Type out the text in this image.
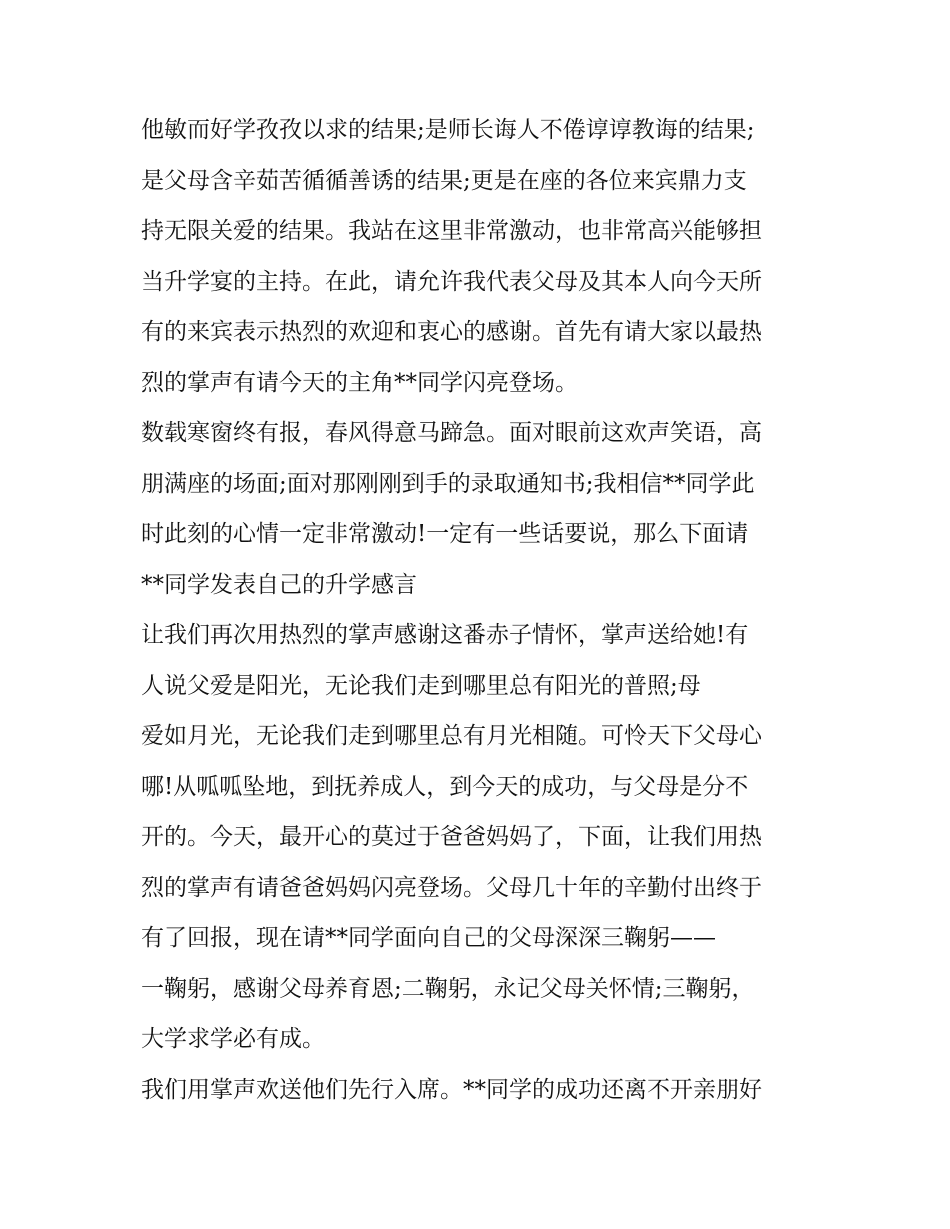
他敏而好学孜孜以求的结果;是师长诲人不倦谆谆教诲的结果;
是父母含辛茹苦循循善诱的结果;更是在座的各位来宾鼎力支
持无限关爱的结果。我站在这里非常激动，也非常高兴能够担
当升学宴的主持。在此，请允许我代表父母及其本人向今天所
有的来宾表示热烈的欢迎和衷心的感谢。首先有请大家以最热
烈的掌声有请今天的主角**同学闪亮登场。
数载寒窗终有报，春风得意马蹄急。面对眼前这欢声笑语，高
朋满座的场面;面对那刚刚到手的录取通知书;我相信**同学此
时此刻的心情一定非常激动!一定有一些话要说，那么下面请
**同学发表自己的升学感言
让我们再次用热烈的掌声感谢这番赤子情怀，掌声送给她!有
人说父爱是阳光，无论我们走到哪里总有阳光的普照;母
爱如月光，无论我们走到哪里总有月光相随。可怜天下父母心
哪!从呱呱坠地，到抚养成人，到今天的成功，与父母是分不
开的。今天，最开心的莫过于爸爸妈妈了，下面，让我们用热
烈的掌声有请爸爸妈妈闪亮登场。父母几十年的辛勤付出终于
有了回报，现在请**同学面向自己的父母深深三鞠躬——
一鞠躬，感谢父母养育恩;二鞠躬，永记父母关怀情;三鞠躬，
大学求学必有成。
我们用掌声欢送他们先行入席。**同学的成功还离不开亲朋好
